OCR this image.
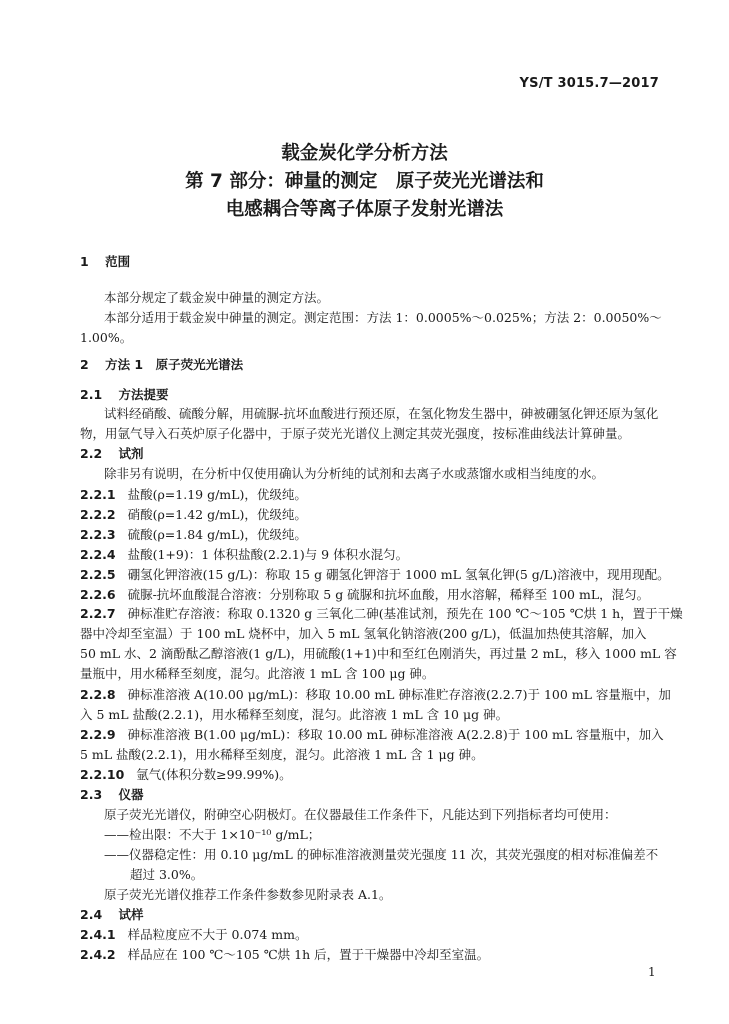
YS/T 3015.7—2017
载金炭化学分析方法
第 7 部分：砷量的测定　原子荧光光谱法和
电感耦合等离子体原子发射光谱法
1 范围
本部分规定了载金炭中砷量的测定方法。
本部分适用于载金炭中砷量的测定。测定范围：方法 1：0.0005%～0.025%；方法 2：0.0050%～
1.00%。
2 方法 1　原子荧光光谱法
2.1 方法提要
试料经硝酸、硫酸分解，用硫脲-抗坏血酸进行预还原，在氢化物发生器中，砷被硼氢化钾还原为氢化
物，用氩气导入石英炉原子化器中，于原子荧光光谱仪上测定其荧光强度，按标准曲线法计算砷量。
2.2 试剂
除非另有说明，在分析中仅使用确认为分析纯的试剂和去离子水或蒸馏水或相当纯度的水。
2.2.1 盐酸(ρ=1.19 g/mL)，优级纯。
2.2.2 硝酸(ρ=1.42 g/mL)，优级纯。
2.2.3 硫酸(ρ=1.84 g/mL)，优级纯。
2.2.4 盐酸(1+9)：1 体积盐酸(2.2.1)与 9 体积水混匀。
2.2.5 硼氢化钾溶液(15 g/L)：称取 15 g 硼氢化钾溶于 1000 mL 氢氧化钾(5 g/L)溶液中，现用现配。
2.2.6 硫脲-抗坏血酸混合溶液：分别称取 5 g 硫脲和抗坏血酸，用水溶解，稀释至 100 mL，混匀。
2.2.7 砷标准贮存溶液：称取 0.1320 g 三氧化二砷(基准试剂，预先在 100 ℃～105 ℃烘 1 h，置于干燥
器中冷却至室温）于 100 mL 烧杯中，加入 5 mL 氢氧化钠溶液(200 g/L)，低温加热使其溶解，加入
50 mL 水、2 滴酚酞乙醇溶液(1 g/L)，用硫酸(1+1)中和至红色刚消失，再过量 2 mL，移入 1000 mL 容
量瓶中，用水稀释至刻度，混匀。此溶液 1 mL 含 100 μg 砷。
2.2.8 砷标准溶液 A(10.00 μg/mL)：移取 10.00 mL 砷标准贮存溶液(2.2.7)于 100 mL 容量瓶中，加
入 5 mL 盐酸(2.2.1)，用水稀释至刻度，混匀。此溶液 1 mL 含 10 μg 砷。
2.2.9 砷标准溶液 B(1.00 μg/mL)：移取 10.00 mL 砷标准溶液 A(2.2.8)于 100 mL 容量瓶中，加入
5 mL 盐酸(2.2.1)，用水稀释至刻度，混匀。此溶液 1 mL 含 1 μg 砷。
2.2.10 氩气(体积分数≥99.99%)。
2.3 仪器
原子荧光光谱仪，附砷空心阴极灯。在仪器最佳工作条件下，凡能达到下列指标者均可使用：
——检出限：不大于 1×10⁻¹⁰ g/mL；
——仪器稳定性：用 0.10 μg/mL 的砷标准溶液测量荧光强度 11 次，其荧光强度的相对标准偏差不
超过 3.0%。
原子荧光光谱仪推荐工作条件参数参见附录表 A.1。
2.4 试样
2.4.1 样品粒度应不大于 0.074 mm。
2.4.2 样品应在 100 ℃～105 ℃烘 1h 后，置于干燥器中冷却至室温。
1
